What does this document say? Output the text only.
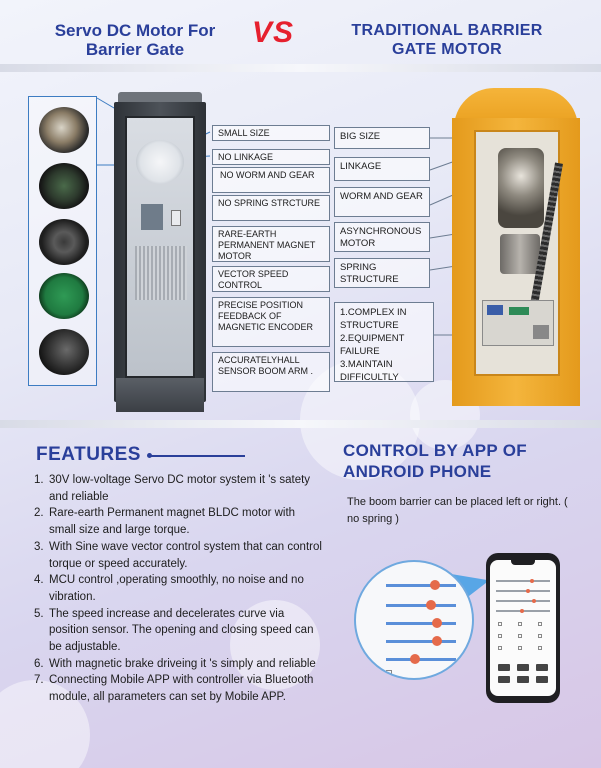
Servo DC Motor For
Barrier Gate
VS	TRADITIONAL BARRIER
GATE MOTOR
SMALL SIZE
NO LINKAGE
NO WORM AND GEAR
NO SPRING STRCTURE
RARE-EARTH PERMANENT MAGNET MOTOR
VECTOR SPEED CONTROL
PRECISE POSITION FEEDBACK OF MAGNETIC ENCODER
ACCURATELYHALL SENSOR BOOM ARM .
BIG SIZE
LINKAGE
WORM AND GEAR
ASYNCHRONOUS MOTOR
SPRING STRUCTURE
1.COMPLEX IN STRUCTURE 2.EQUIPMENT FAILURE 3.MAINTAIN DIFFICULTLY
FEATURES
1. 30V low-voltage Servo DC motor system it 's satety and reliable
2. Rare-earth Permanent magnet BLDC motor with small size and large torque.
3. With Sine wave vector control system that can control torque or speed accurately.
4. MCU control ,operating smoothly, no noise and no vibration.
5. The speed increase and decelerates curve via position sensor. The opening and closing speed can be adjustable.
6. With magnetic brake driveing it 's simply and reliable
7. Connecting Mobile APP with controller via Bluetooth module, all parameters can set by Mobile APP.
CONTROL BY APP OF ANDROID PHONE
The boom barrier can be placed left or right. ( no spring )
